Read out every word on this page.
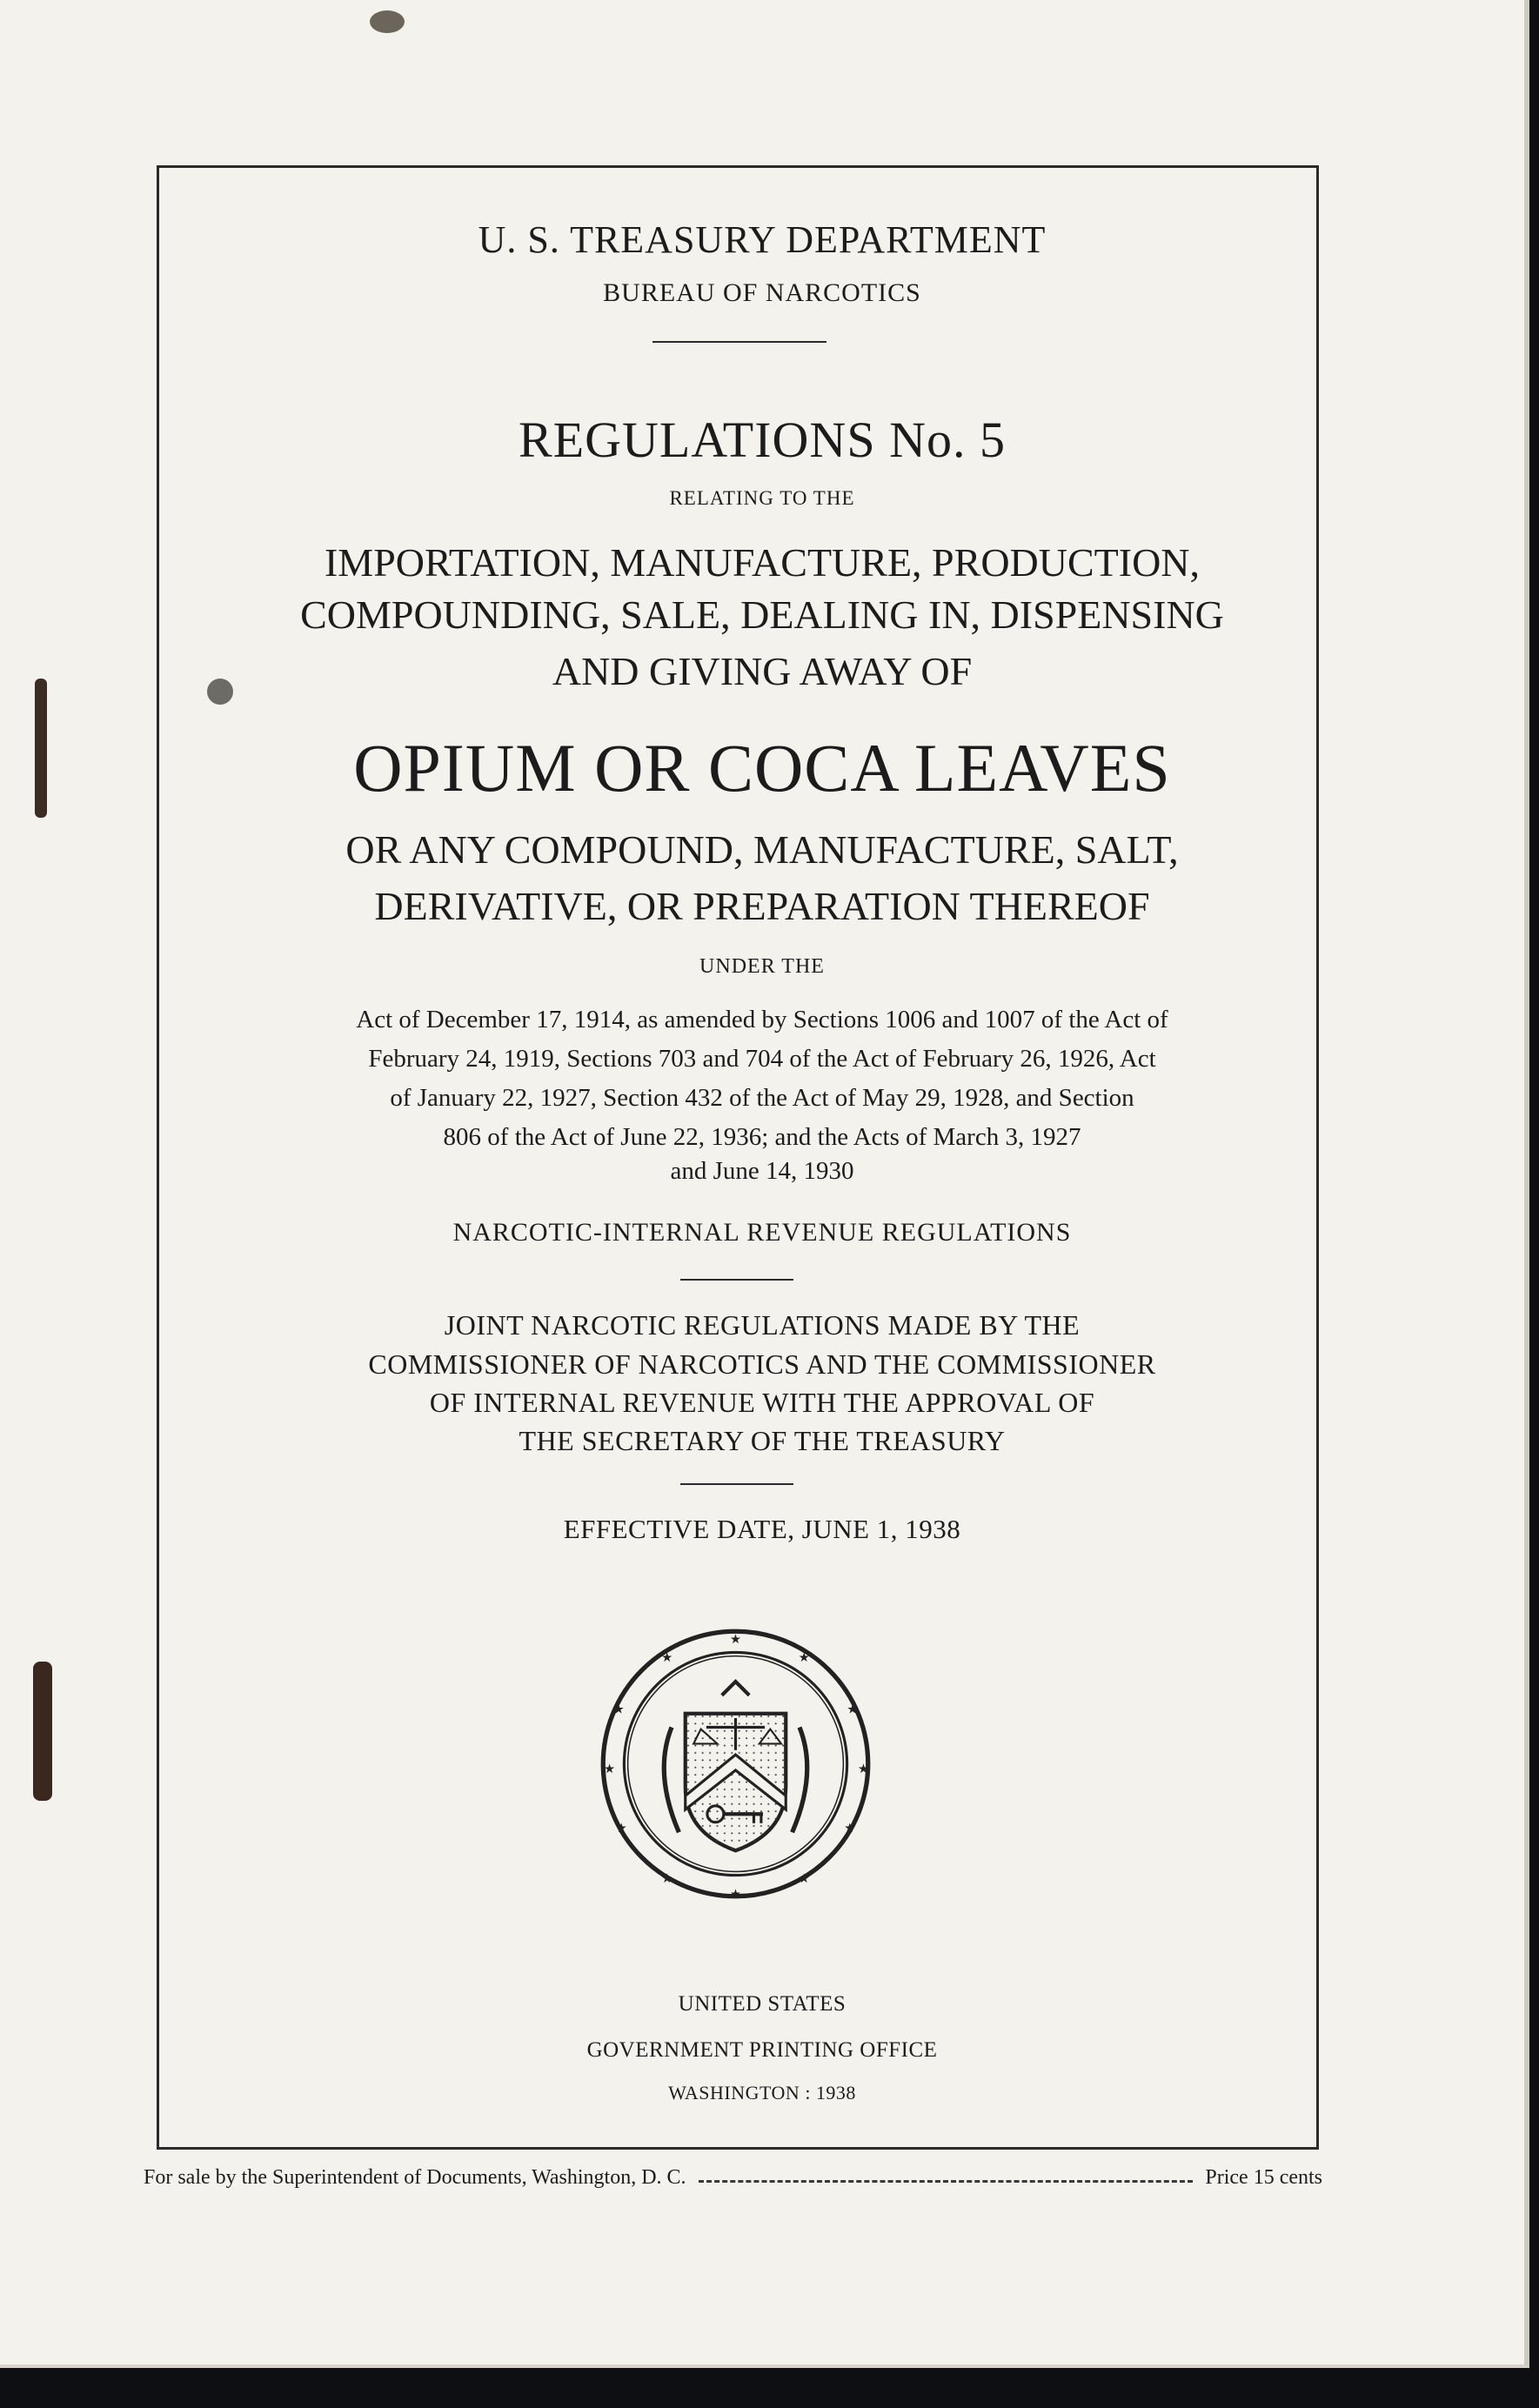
U. S. TREASURY DEPARTMENT
BUREAU OF NARCOTICS
REGULATIONS No. 5
RELATING TO THE
IMPORTATION, MANUFACTURE, PRODUCTION,
COMPOUNDING, SALE, DEALING IN, DISPENSING
AND GIVING AWAY OF
OPIUM OR COCA LEAVES
OR ANY COMPOUND, MANUFACTURE, SALT,
DERIVATIVE, OR PREPARATION THEREOF
UNDER THE
Act of December 17, 1914, as amended by Sections 1006 and 1007 of the Act of
February 24, 1919, Sections 703 and 704 of the Act of February 26, 1926, Act
of January 22, 1927, Section 432 of the Act of May 29, 1928, and Section
806 of the Act of June 22, 1936; and the Acts of March 3, 1927
and June 14, 1930
NARCOTIC-INTERNAL REVENUE REGULATIONS
JOINT NARCOTIC REGULATIONS MADE BY THE
COMMISSIONER OF NARCOTICS AND THE COMMISSIONER
OF INTERNAL REVENUE WITH THE APPROVAL OF
THE SECRETARY OF THE TREASURY
EFFECTIVE DATE, JUNE 1, 1938
★
★
★
★
★
★
★
★
★
★
★
★
UNITED STATES
GOVERNMENT PRINTING OFFICE
WASHINGTON : 1938
For sale by the Superintendent of Documents, Washington, D. C.	Price 15 cents
